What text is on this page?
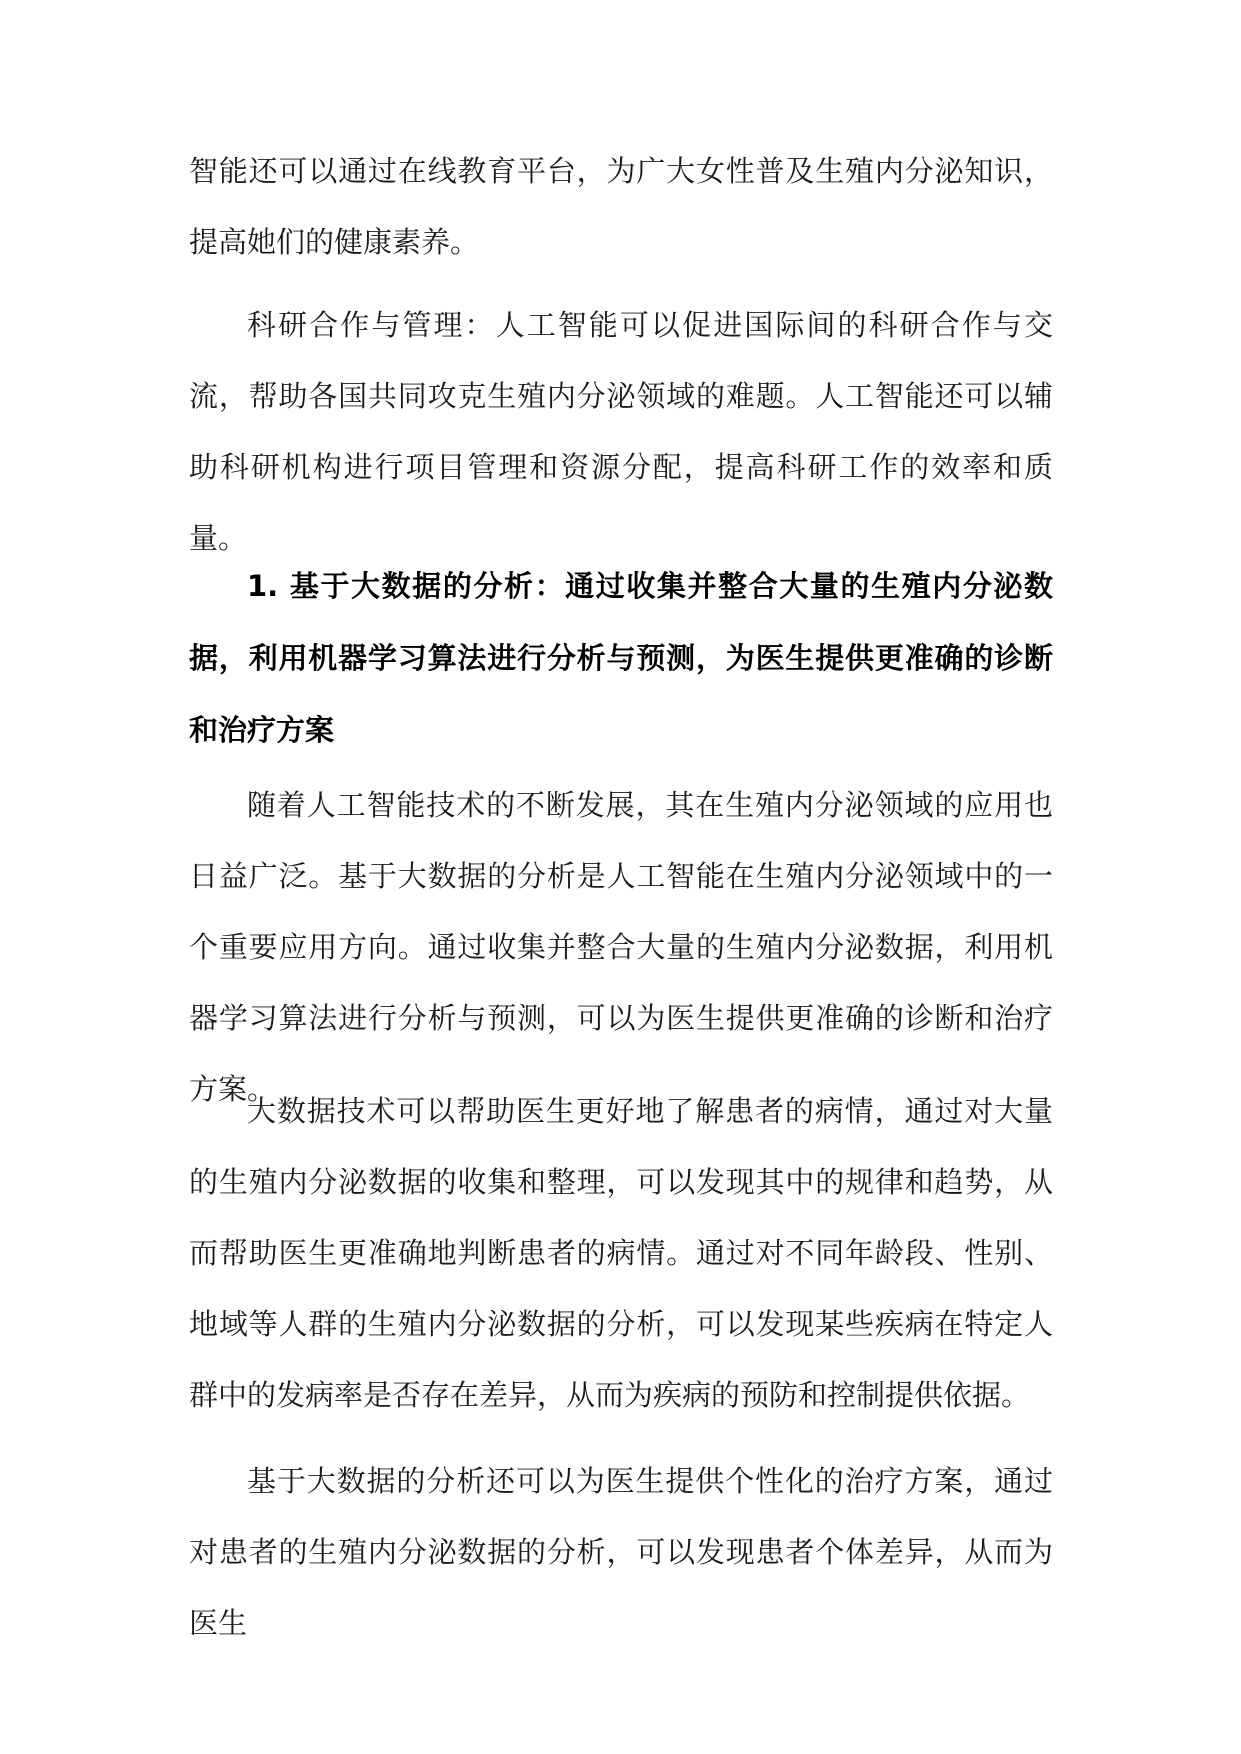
智能还可以通过在线教育平台，为广大女性普及生殖内分泌知识，提高她们的健康素养。

科研合作与管理：人工智能可以促进国际间的科研合作与交流，帮助各国共同攻克生殖内分泌领域的难题。人工智能还可以辅助科研机构进行项目管理和资源分配，提高科研工作的效率和质量。

1. 基于大数据的分析：通过收集并整合大量的生殖内分泌数据，利用机器学习算法进行分析与预测，为医生提供更准确的诊断和治疗方案

随着人工智能技术的不断发展，其在生殖内分泌领域的应用也日益广泛。基于大数据的分析是人工智能在生殖内分泌领域中的一个重要应用方向。通过收集并整合大量的生殖内分泌数据，利用机器学习算法进行分析与预测，可以为医生提供更准确的诊断和治疗方案。

大数据技术可以帮助医生更好地了解患者的病情，通过对大量的生殖内分泌数据的收集和整理，可以发现其中的规律和趋势，从而帮助医生更准确地判断患者的病情。通过对不同年龄段、性别、地域等人群的生殖内分泌数据的分析，可以发现某些疾病在特定人群中的发病率是否存在差异，从而为疾病的预防和控制提供依据。

基于大数据的分析还可以为医生提供个性化的治疗方案，通过对患者的生殖内分泌数据的分析，可以发现患者个体差异，从而为医生
